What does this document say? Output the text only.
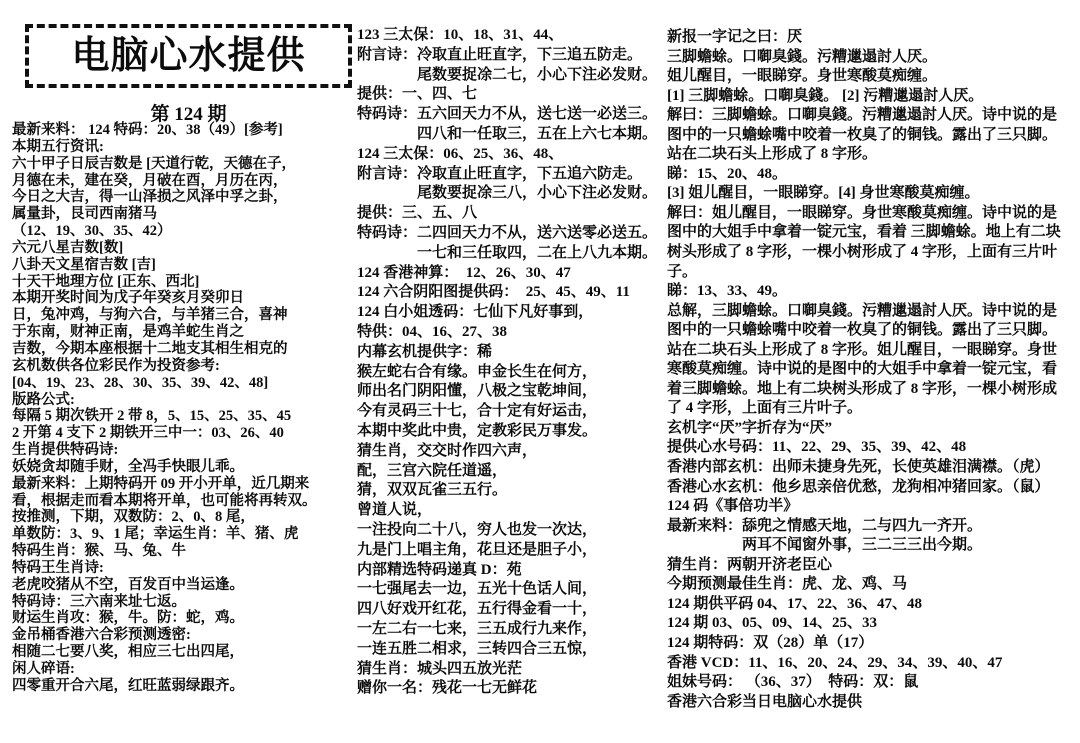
电脑心水提供
第 124 期
最新来料： 124 特码：20、38（49）[参考]
本期五行资讯:
六十甲子日辰吉数是 [天道行乾，天德在子，
月德在未，建在癸，月破在酉，月历在丙，
今日之大吉，得一山泽损之风泽中孚之卦，
属量卦，艮司西南猪马
（12、19、30、35、42）
六元八星吉数[数]
八卦天文星宿吉数 [吉]
十天干地理方位 [正东、西北]
本期开奖时间为戊子年癸亥月癸卯日
日，兔冲鸡，与狗六合，与羊猪三合，喜神
于东南，财神正南，是鸡羊蛇生肖之
吉数，今期本座根据十二地支其相生相克的
玄机数供各位彩民作为投资参考:
[04、19、23、28、30、35、39、42、48]
版路公式:
每隔 5 期次铁开 2 带 8，5、15、25、35、45
2 开第 4 支下 2 期铁开三中一：03、26、40
生肖提供特码诗:
妖娆贪却随手财，全冯手快眼儿乖。
最新来料：上期特码开 09 开小开单，近几期来
看，根据走而看本期将开单，也可能将再转双。
按推测，下期，双数防：2、0、8 尾，
单数防：3、9、1 尾；幸运生肖：羊、猪、虎
特码生肖：猴、马、兔、牛
特码王生肖诗:
老虎咬猪从不空，百发百中当运逢。
特码诗：三六南来址七返。
财运生肖攻：猴，牛。防：蛇，鸡。
金吊桶香港六合彩预测透密:
相随二七要八奖，相应三七出四尾，
闲人碎语:
四零重开合六尾，红旺蓝弱绿跟齐。
123 三太保：10、18、31、44、
附言诗：冷取直止旺直字，下三追五防走。
　　　　尾数要捉凃二七，小心下注必发财。
提供：一、四、七
特码诗：五六回天力不从，送七送一必送三。
　　　　四八和一任取三，五在上六七本期。
124 三太保：06、25、36、48、
附言诗：冷取直止旺直字，下五追六防走。
　　　　尾数要捉凃三八，小心下注必发财。
提供：三、五、八
特码诗：二四回天力不从，送六送零必送五。
　　　　一七和三任取四，二在上八九本期。
124 香港神算：　12、26、30、47
124 六合阴阳图提供码：　25、45、49、11
124 白小姐透码：七仙下凡好事到，
特供：04、16、27、38
内幕玄机提供字：稀
猴左蛇右合有缘。申金长生在何方，
师出名门阴阳懂，八极之宝乾坤间，
今有灵码三十七，合十定有好运击，
本期中奖此中贵，定教彩民万事发。
猜生肖，交交时作四六声，
配，三宫六院任道遥，
猜，双双瓦雀三五行。
曾道人说，
一注投向二十八，穷人也发一次达，
九是门上唱主角，花旦还是胆子小，
内部精选特码递真 D：苑
一七强尾去一边，五光十色话人间，
四八好戏开红花，五行得金看一十，
一左二右一七来，三五成行九来作，
一连五胜二相求，三转四合三五惊，
猜生肖：城头四五放光茫
赠你一名：残花一七无鲜花
新报一字记之曰：厌
三脚蟾蜍。口啣臭錢。污糟邋遢討人厌。
姐儿醒目，一眼睇穿。身世寒酸莫痴缠。
[1] 三脚蟾蜍。口啣臭錢。 [2] 污糟邋遢討人厌。
解曰：三脚蟾蜍。口啣臭錢。污糟邋遢討人厌。诗中说的是
图中的一只蟾蜍嘴中咬着一枚臭了的铜钱。露出了三只脚。
站在二块石头上形成了 8 字形。
睇：15、20、48。
[3] 姐儿醒目，一眼睇穿。[4] 身世寒酸莫痴缠。
解曰：姐儿醒目，一眼睇穿。身世寒酸莫痴缠。诗中说的是
图中的大姐手中拿着一锭元宝，看着 三脚蟾蜍。地上有二块
树头形成了 8 字形，一棵小树形成了 4 字形，上面有三片叶
子。
睇：13、33、49。
总解，三脚蟾蜍。口啣臭錢。污糟邋遢討人厌。诗中说的是
图中的一只蟾蜍嘴中咬着一枚臭了的铜钱。露出了三只脚。
站在二块石头上形成了 8 字形。姐儿醒目，一眼睇穿。身世
寒酸莫痴缠。诗中说的是图中的大姐手中拿着一锭元宝，看
着三脚蟾蜍。地上有二块树头形成了 8 字形，一棵小树形成
了 4 字形，上面有三片叶子。
玄机字“厌”字折存为“厌”
提供心水号码：11、22、29、35、39、42、48
香港内部玄机：出师未捷身先死，长使英雄泪满襟。（虎）
香港心水玄机：他乡思亲倍优愁，龙狗相冲猪回家。（鼠）
124 码《事倍功半》
最新来料：舔兜之情感天地，二与四九一齐开。
　　　　　两耳不闻窗外事，三二三三出今期。
猜生肖：两朝开济老臣心
今期预测最佳生肖：虎、龙、鸡、马
124 期供平码 04、17、22、36、47、48
124 期 03、05、09、14、25、33
124 期特码：双（28）单（17）
香港 VCD：11、16、20、24、29、34、39、40、47
姐妹号码： （36、37）　特码：双：鼠
香港六合彩当日电脑心水提供
